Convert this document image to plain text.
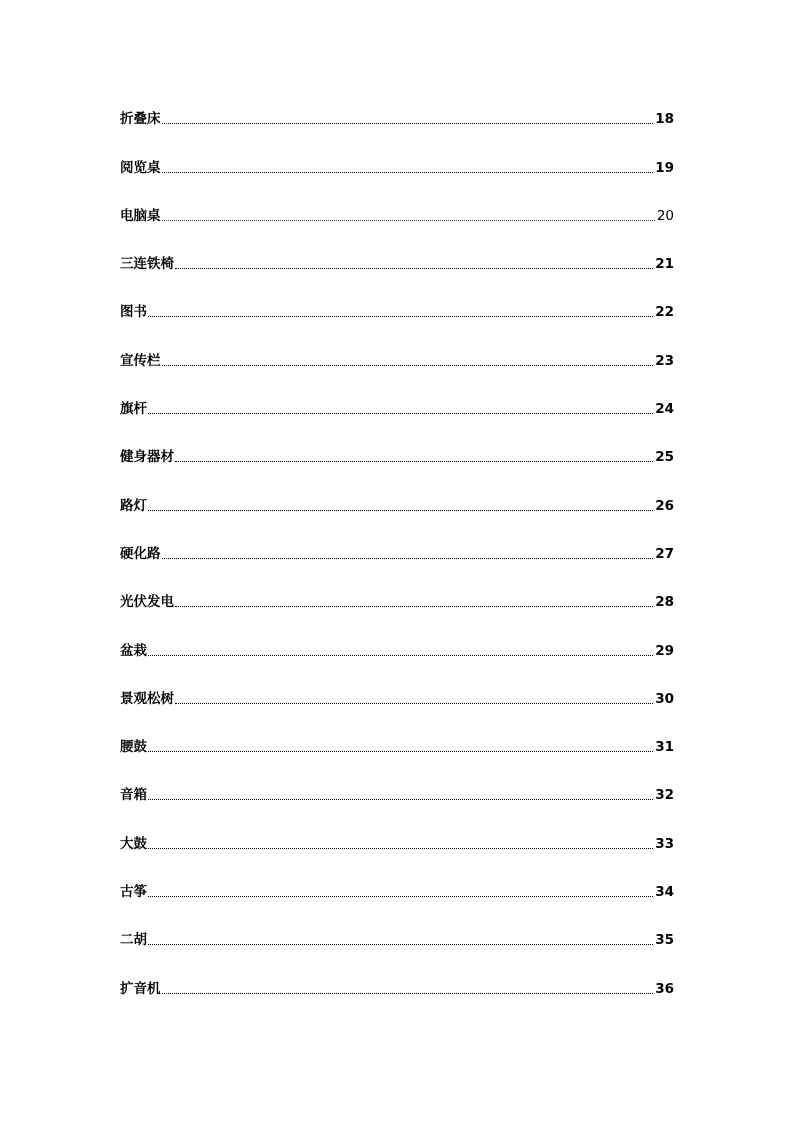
折叠床	18
阅览桌	19
电脑桌	20
三连铁椅	21
图书	22
宣传栏	23
旗杆	24
健身器材	25
路灯	26
硬化路	27
光伏发电	28
盆栽	29
景观松树	30
腰鼓	31
音箱	32
大鼓	33
古筝	34
二胡	35
扩音机	36
